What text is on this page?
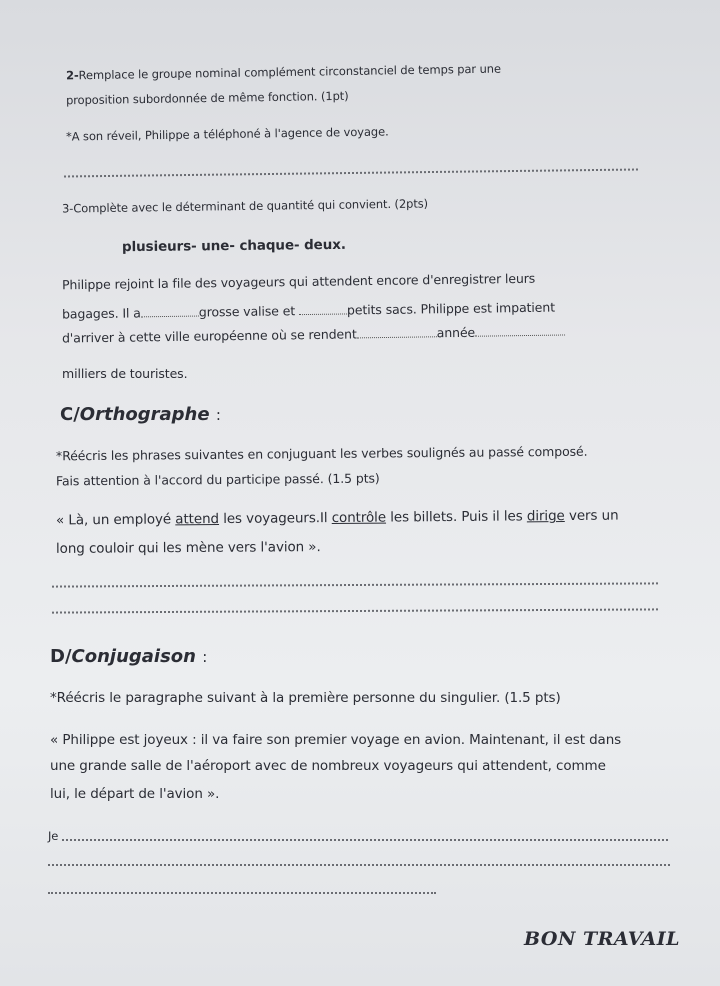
2-Remplace le groupe nominal complément circonstanciel de temps par une
proposition subordonnée de même fonction. (1pt)
*A son réveil, Philippe a téléphoné à l'agence de voyage.
3-Complète avec le déterminant de quantité qui convient. (2pts)
plusieurs- une- chaque- deux.
Philippe rejoint la file des voyageurs qui attendent encore d'enregistrer leurs
bagages. Il a	grosse valise et	petits sacs. Philippe est impatient
d'arriver à cette ville européenne où se rendent	année
milliers de touristes.
C/Orthographe :
*Réécris les phrases suivantes en conjuguant les verbes soulignés au passé composé.
Fais attention à l'accord du participe passé. (1.5 pts)
« Là, un employé attend les voyageurs.Il contrôle les billets. Puis il les dirige vers un
long couloir qui les mène vers l'avion ».
D/Conjugaison :
*Réécris le paragraphe suivant à la première personne du singulier. (1.5 pts)
« Philippe est joyeux : il va faire son premier voyage en avion. Maintenant, il est dans
une grande salle de l'aéroport avec de nombreux voyageurs qui attendent, comme
lui, le départ de l'avion ».
Je
BON TRAVAIL
